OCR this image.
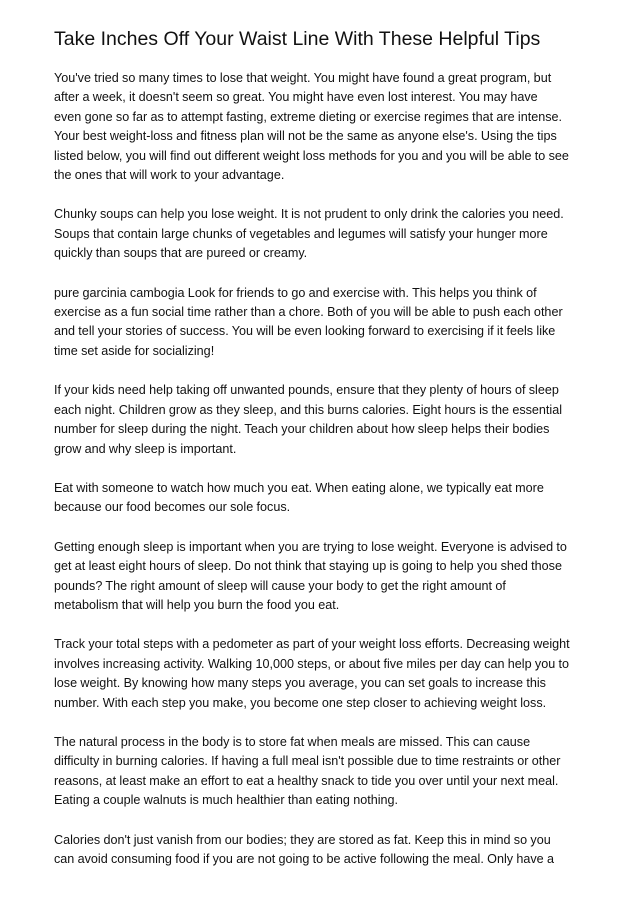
Take Inches Off Your Waist Line With These Helpful Tips

You've tried so many times to lose that weight. You might have found a great program, but
after a week, it doesn't seem so great. You might have even lost interest. You may have
even gone so far as to attempt fasting, extreme dieting or exercise regimes that are intense.
Your best weight-loss and fitness plan will not be the same as anyone else's. Using the tips
listed below, you will find out different weight loss methods for you and you will be able to see
the ones that will work to your advantage.

Chunky soups can help you lose weight. It is not prudent to only drink the calories you need.
Soups that contain large chunks of vegetables and legumes will satisfy your hunger more
quickly than soups that are pureed or creamy.

pure garcinia cambogia Look for friends to go and exercise with. This helps you think of
exercise as a fun social time rather than a chore. Both of you will be able to push each other
and tell your stories of success. You will be even looking forward to exercising if it feels like
time set aside for socializing!

If your kids need help taking off unwanted pounds, ensure that they plenty of hours of sleep
each night. Children grow as they sleep, and this burns calories. Eight hours is the essential
number for sleep during the night. Teach your children about how sleep helps their bodies
grow and why sleep is important.

Eat with someone to watch how much you eat. When eating alone, we typically eat more
because our food becomes our sole focus.

Getting enough sleep is important when you are trying to lose weight. Everyone is advised to
get at least eight hours of sleep. Do not think that staying up is going to help you shed those
pounds? The right amount of sleep will cause your body to get the right amount of
metabolism that will help you burn the food you eat.

Track your total steps with a pedometer as part of your weight loss efforts. Decreasing weight
involves increasing activity. Walking 10,000 steps, or about five miles per day can help you to
lose weight. By knowing how many steps you average, you can set goals to increase this
number. With each step you make, you become one step closer to achieving weight loss.

The natural process in the body is to store fat when meals are missed. This can cause
difficulty in burning calories. If having a full meal isn't possible due to time restraints or other
reasons, at least make an effort to eat a healthy snack to tide you over until your next meal.
Eating a couple walnuts is much healthier than eating nothing.

Calories don't just vanish from our bodies; they are stored as fat. Keep this in mind so you
can avoid consuming food if you are not going to be active following the meal. Only have a
